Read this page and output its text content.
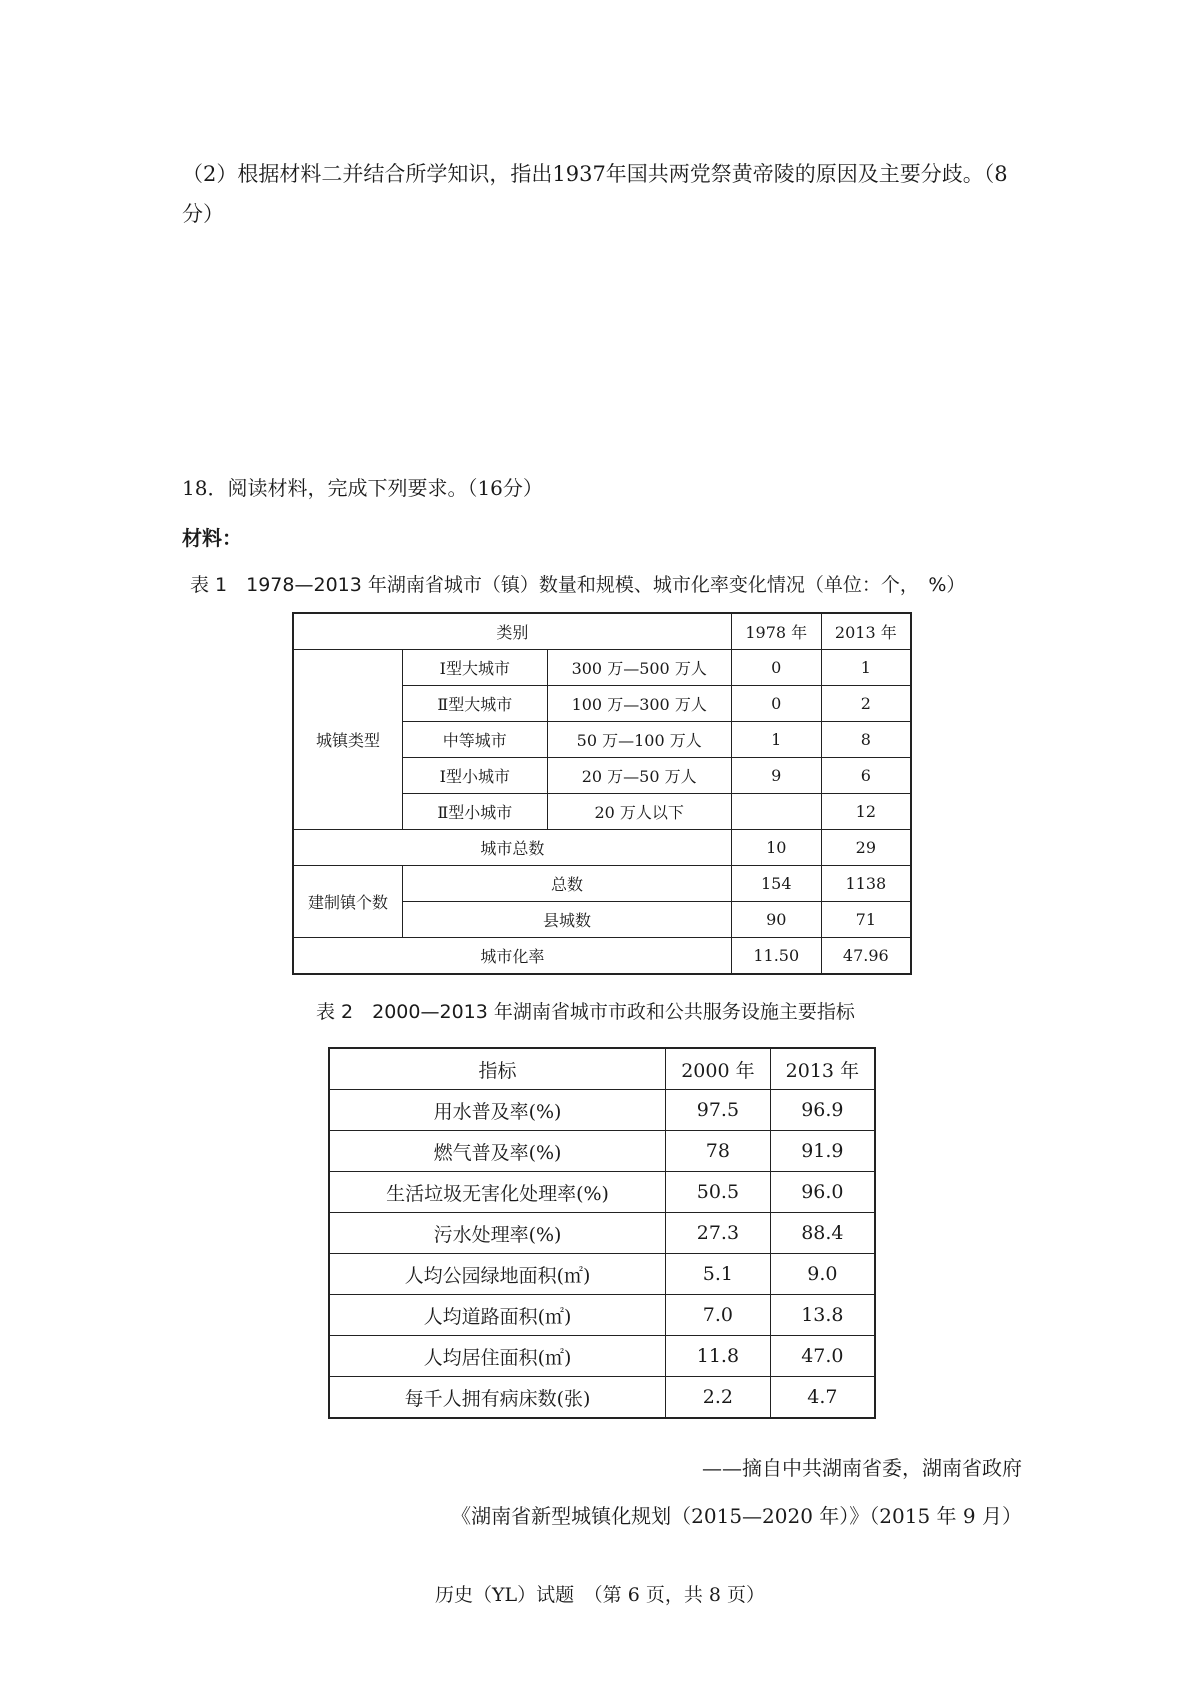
（2）根据材料二并结合所学知识，指出1937年国共两党祭黄帝陵的原因及主要分歧。（8分）
18．阅读材料，完成下列要求。（16分）
材料：
表 1　1978—2013 年湖南省城市（镇）数量和规模、城市化率变化情况（单位：个，　%）
类别			1978 年	2013 年
城镇类型	Ⅰ型大城市	300 万—500 万人	0	1
	Ⅱ型大城市	100 万—300 万人	0	2
	中等城市	50 万—100 万人	1	8
	Ⅰ型小城市	20 万—50 万人	9	6
	Ⅱ型小城市	20 万人以下		12
城市总数			10	29
建制镇个数	总数		154	1138
	县城数		90	71
城市化率			11.50	47.96
表 2　2000—2013 年湖南省城市市政和公共服务设施主要指标
指标	2000 年	2013 年
用水普及率(%)	97.5	96.9
燃气普及率(%)	78	91.9
生活垃圾无害化处理率(%)	50.5	96.0
污水处理率(%)	27.3	88.4
人均公园绿地面积(㎡)	5.1	9.0
人均道路面积(㎡)	7.0	13.8
人均居住面积(㎡)	11.8	47.0
每千人拥有病床数(张)	2.2	4.7
——摘自中共湖南省委，湖南省政府
《湖南省新型城镇化规划（2015—2020 年）》（2015 年 9 月）
历史（YL）试题　（第 6 页，共 8 页）
